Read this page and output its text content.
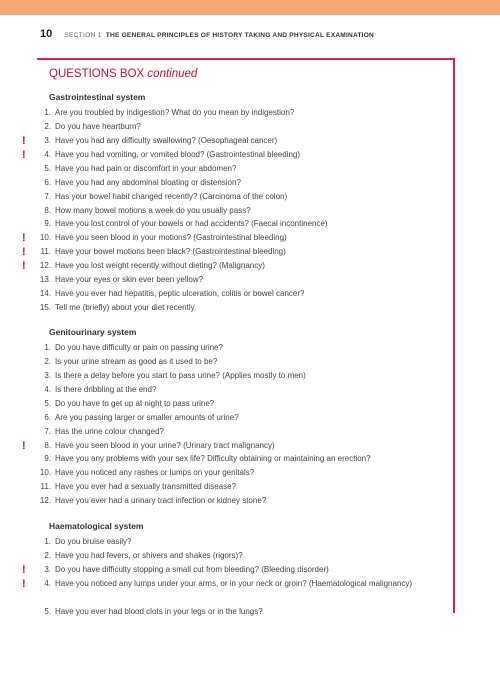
10 SECTION 1 THE GENERAL PRINCIPLES OF HISTORY TAKING AND PHYSICAL EXAMINATION
QUESTIONS BOX continued
Gastrointestinal system
1. Are you troubled by indigestion? What do you mean by indigestion?
2. Do you have heartburn?
! 3. Have you had any difficulty swallowing? (Oesophageal cancer)
! 4. Have you had vomiting, or vomited blood? (Gastrointestinal bleeding)
5. Have you had pain or discomfort in your abdomen?
6. Have you had any abdominal bloating or distension?
7. Has your bowel habit changed recently? (Carcinoma of the colon)
8. How many bowel motions a week do you usually pass?
9. Have you lost control of your bowels or had accidents? (Faecal incontinence)
! 10. Have you seen blood in your motions? (Gastrointestinal bleeding)
! 11. Have your bowel motions been black? (Gastrointestinal bleeding)
! 12. Have you lost weight recently without dieting? (Malignancy)
13. Have your eyes or skin ever been yellow?
14. Have you ever had hepatitis, peptic ulceration, colitis or bowel cancer?
15. Tell me (briefly) about your diet recently.
Genitourinary system
1. Do you have difficulty or pain on passing urine?
2. Is your urine stream as good as it used to be?
3. Is there a delay before you start to pass urine? (Applies mostly to men)
4. Is there dribbling at the end?
5. Do you have to get up at night to pass urine?
6. Are you passing larger or smaller amounts of urine?
7. Has the urine colour changed?
! 8. Have you seen blood in your urine? (Urinary tract malignancy)
9. Have you any problems with your sex life? Difficulty obtaining or maintaining an erection?
10. Have you noticed any rashes or lumps on your genitals?
11. Have you ever had a sexually transmitted disease?
12. Have you ever had a urinary tract infection or kidney stone?
Haematological system
1. Do you bruise easily?
2. Have you had fevers, or shivers and shakes (rigors)?
! 3. Do you have difficulty stopping a small cut from bleeding? (Bleeding disorder)
! 4. Have you noticed any lumps under your arms, or in your neck or groin? (Haematological malignancy)
5. Have you ever had blood clots in your legs or in the lungs?
